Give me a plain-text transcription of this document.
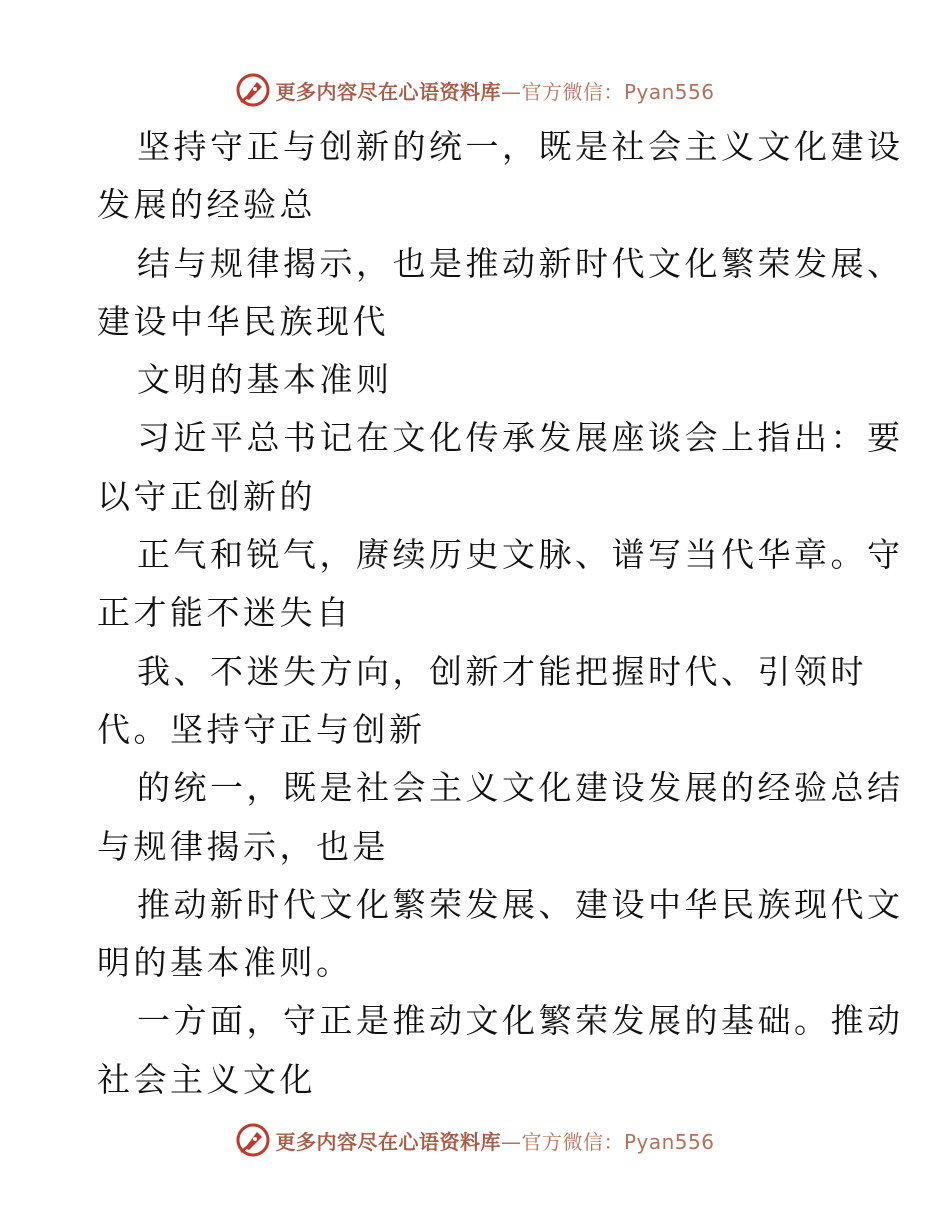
更多内容尽在心语资料库—官方微信：Pyan556
坚持守正与创新的统一，既是社会主义文化建设
发展的经验总
结与规律揭示，也是推动新时代文化繁荣发展、
建设中华民族现代
文明的基本准则
习近平总书记在文化传承发展座谈会上指出：要
以守正创新的
正气和锐气，赓续历史文脉、谱写当代华章。守
正才能不迷失自
我、不迷失方向，创新才能把握时代、引领时
代。坚持守正与创新
的统一，既是社会主义文化建设发展的经验总结
与规律揭示，也是
推动新时代文化繁荣发展、建设中华民族现代文
明的基本准则。
一方面，守正是推动文化繁荣发展的基础。推动
社会主义文化
更多内容尽在心语资料库—官方微信：Pyan556
